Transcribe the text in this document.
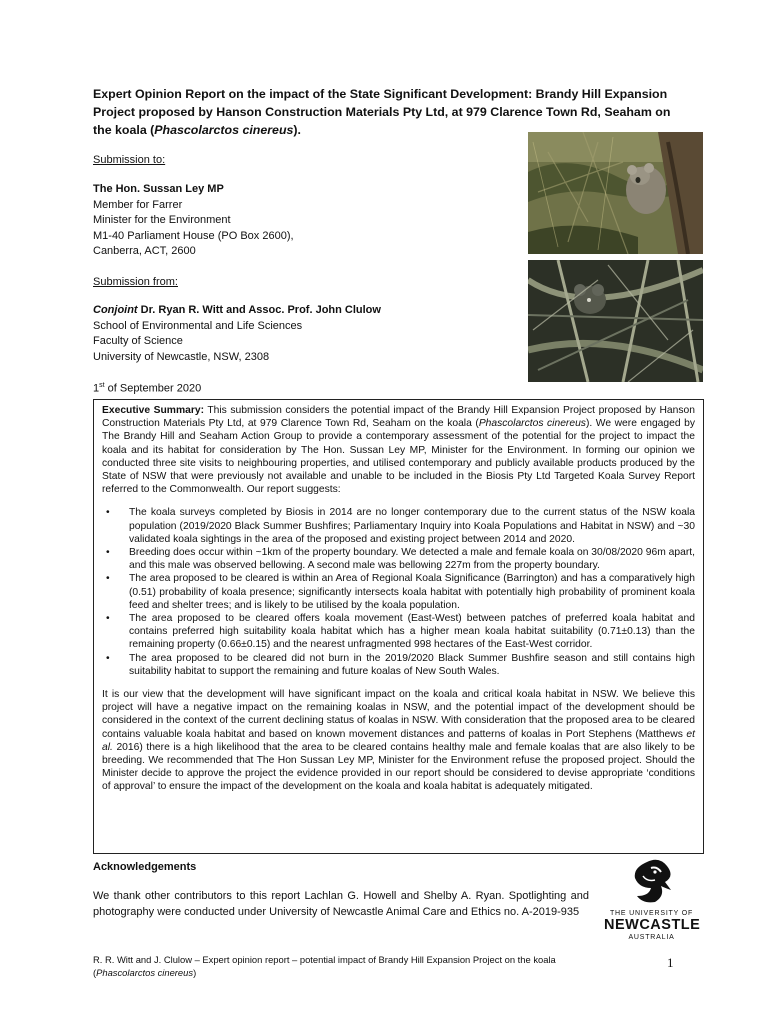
Expert Opinion Report on the impact of the State Significant Development: Brandy Hill Expansion
Project proposed by Hanson Construction Materials Pty Ltd, at 979 Clarence Town Rd, Seaham on
the koala (Phascolarctos cinereus).
Submission to:
The Hon. Sussan Ley MP
Member for Farrer
Minister for the Environment
M1-40 Parliament House (PO Box 2600),
Canberra, ACT, 2600
Submission from:
Conjoint Dr. Ryan R. Witt and Assoc. Prof. John Clulow
School of Environmental and Life Sciences
Faculty of Science
University of Newcastle, NSW, 2308
1st of September 2020

Executive Summary: This submission considers the potential impact of the Brandy Hill Expansion Project proposed by Hanson Construction Materials Pty Ltd, at 979 Clarence Town Rd, Seaham on the koala (Phascolarctos cinereus). We were engaged by The Brandy Hill and Seaham Action Group to provide a contemporary assessment of the potential for the project to impact the koala and its habitat for consideration by The Hon. Sussan Ley MP, Minister for the Environment. In forming our opinion we conducted three site visits to neighbouring properties, and utilised contemporary and publicly available products produced by the State of NSW that were previously not available and unable to be included in the Biosis Pty Ltd Targeted Koala Survey Report referred to the Commonwealth. Our report suggests:

• The koala surveys completed by Biosis in 2014 are no longer contemporary due to the current status of the NSW koala population (2019/2020 Black Summer Bushfires; Parliamentary Inquiry into Koala Populations and Habitat in NSW) and ~30 validated koala sightings in the area of the proposed and existing project between 2014 and 2020.
• Breeding does occur within ~1km of the property boundary. We detected a male and female koala on 30/08/2020 96m apart, and this male was observed bellowing. A second male was bellowing 227m from the property boundary.
• The area proposed to be cleared is within an Area of Regional Koala Significance (Barrington) and has a comparatively high (0.51) probability of koala presence; significantly intersects koala habitat with potentially high probability of prominent koala feed and shelter trees; and is likely to be utilised by the koala population.
• The area proposed to be cleared offers koala movement (East-West) between patches of preferred koala habitat and contains preferred high suitability koala habitat which has a higher mean koala habitat suitability (0.71±0.13) than the remaining property (0.66±0.15) and the nearest unfragmented 998 hectares of the East-West corridor.
• The area proposed to be cleared did not burn in the 2019/2020 Black Summer Bushfire season and still contains high suitability habitat to support the remaining and future koalas of New South Wales.

It is our view that the development will have significant impact on the koala and critical koala habitat in NSW. We believe this project will have a negative impact on the remaining koalas in NSW, and the potential impact of the development should be considered in the context of the current declining status of koalas in NSW. With consideration that the proposed area to be cleared contains valuable koala habitat and based on known movement distances and patterns of koalas in Port Stephens (Matthews et al. 2016) there is a high likelihood that the area to be cleared contains healthy male and female koalas that are also likely to be breeding. We recommended that The Hon Sussan Ley MP, Minister for the Environment refuse the proposed project. Should the Minister decide to approve the project the evidence provided in our report should be considered to devise appropriate ‘conditions of approval’ to ensure the impact of the development on the koala and koala habitat is adequately mitigated.

Acknowledgements
We thank other contributors to this report Lachlan G. Howell and Shelby A. Ryan. Spotlighting and photography were conducted under University of Newcastle Animal Care and Ethics no. A-2019-935	THE UNIVERSITY OF
NEWCASTLE
AUSTRALIA
R. R. Witt and J. Clulow – Expert opinion report – potential impact of Brandy Hill Expansion Project on the koala
(Phascolarctos cinereus)
1
